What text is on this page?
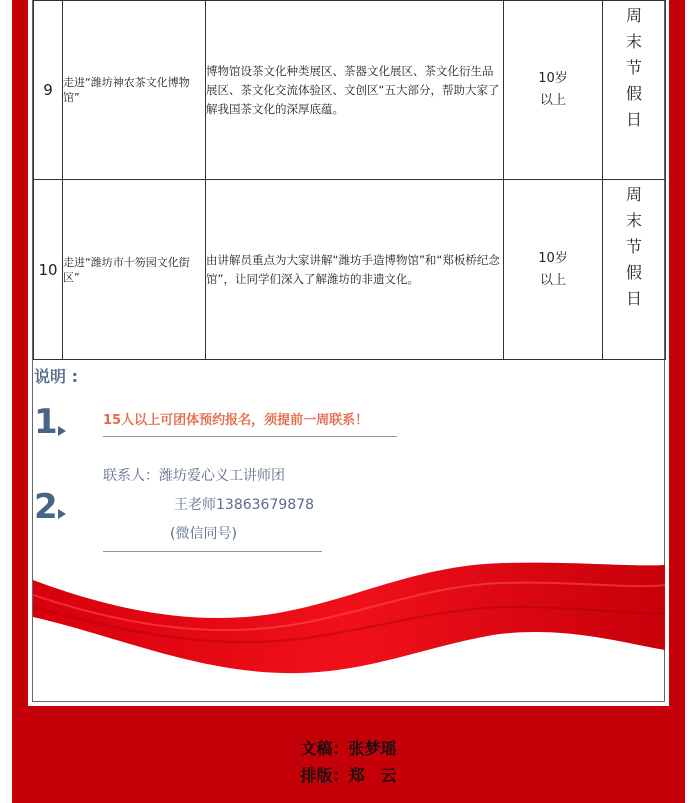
9	走进“潍坊神农茶文化博物馆”	博物馆设茶文化种类展区、茶器文化展区、茶文化衍生品展区、茶文化交流体验区、文创区“五大部分，帮助大家了解我国茶文化的深厚底蕴。	10岁以上	周末节假日

10	走进“潍坊市十笏园文化街区”	由讲解员重点为大家讲解“潍坊手造博物馆”和“郑板桥纪念馆”，让同学们深入了解潍坊的非遗文化。	10岁以上	周末节假日
说明 :
1	15人以上可团体预约报名，须提前一周联系！
2
联系人：潍坊爱心义工讲师团
王老师13863679878
(微信同号)
文稿：张梦瑶
排版：郑　云
